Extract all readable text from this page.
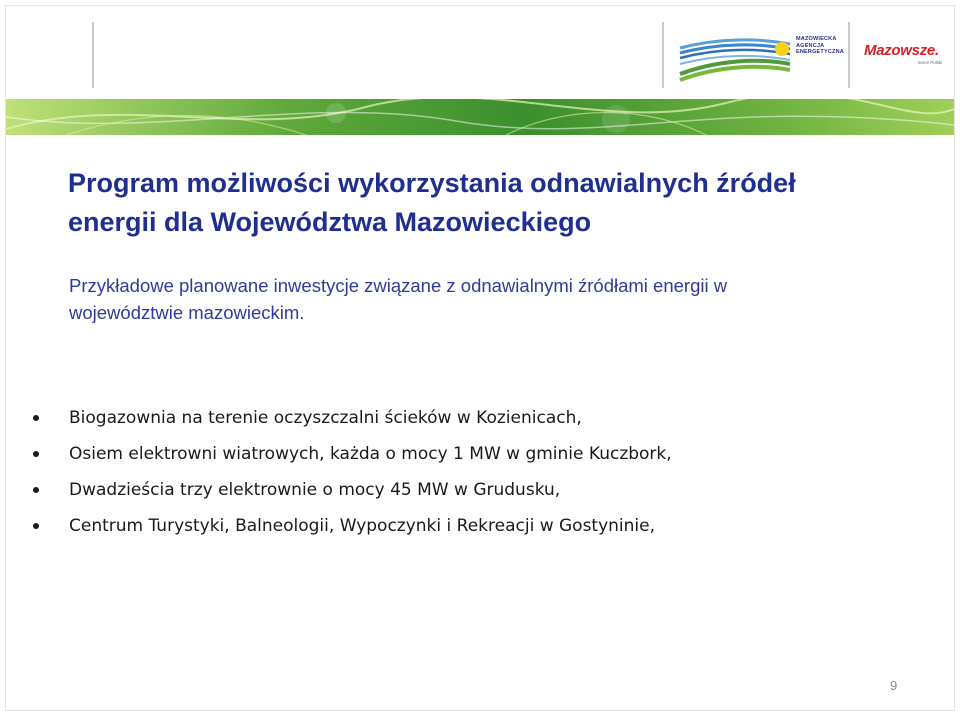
MAZOWIECKA
AGENCJA
ENERGETYCZNA Mazowsze.
serce Polski
Program możliwości wykorzystania odnawialnych źródeł
energii dla Województwa Mazowieckiego

Przykładowe planowane inwestycje związane z odnawialnymi źródłami energii w
województwie mazowieckim.

Biogazownia na terenie oczyszczalni ścieków w Kozienicach,
Osiem elektrowni wiatrowych, każda o mocy 1 MW w gminie Kuczbork,
Dwadzieścia trzy elektrownie o mocy 45 MW w Grudusku,
Centrum Turystyki, Balneologii, Wypoczynki i Rekreacji w Gostyninie,
9
